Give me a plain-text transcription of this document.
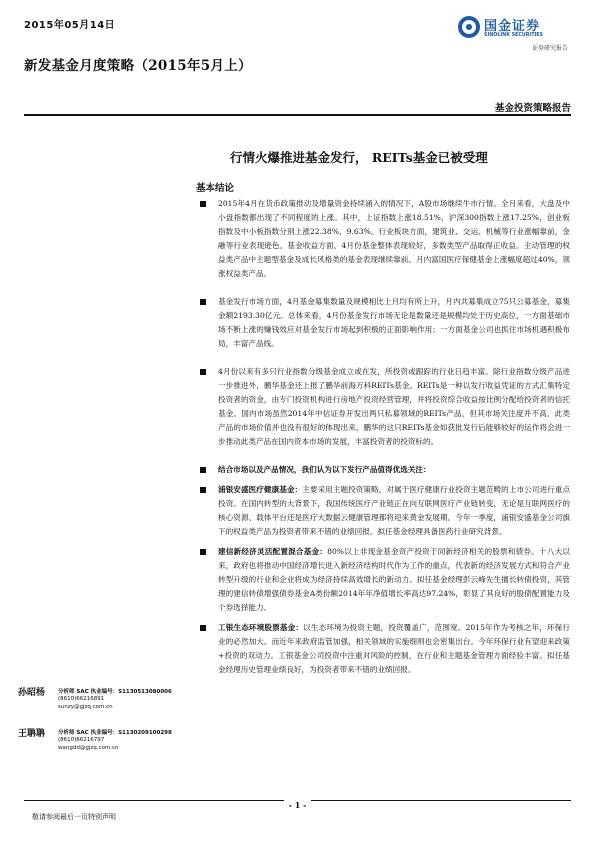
2015年05月14日	国金证券
SINOLINK SECURITIES
证券研究报告
新发基金月度策略（2015年5月上）
基金投资策略报告
行情火爆推进基金发行， REITs基金已被受理
基本结论
2015年4月在货币政策推动及增量资金持续涌入的情况下，A股市场继续牛市行情。全月来看，大盘及中小盘指数都出现了不同程度的上涨。其中，上证指数上涨18.51%，沪深300指数上涨17.25%，创业板指数及中小板指数分别上涨22.38%、9.63%。行业板块方面，建筑业、交运、机械等行业涨幅靠前，金融等行业表现逊色。基金收益方面，4月份基金整体表现较好，多数类型产品取得正收益。主动管理的权益类产品中主题型基金及成长风格类的基金表现继续靠前。月内富国医疗保健基金上涨幅度超过40%，领涨权益类产品。
基金发行市场方面，4月基金募集数量及规模相比上月均有所上升，月内共募集成立75只公募基金，募集金额2193.30亿元。总体来看，4月份基金发行市场无论是数量还是规模均处于历史高位，一方面基础市场不断上涨的赚钱效应对基金发行市场起到积极的正面影响作用；一方面基金公司也抓住市场机遇积极布局，丰富产品线。
4月份以来有多只行业指数分级基金成立或在发，所投资或跟踪的行业日趋丰富。除行业指数分级产品进一步推进外，鹏华基金还上报了鹏华前海万科REITs基金。REITs是一种以发行收益凭证的方式汇集特定投资者的资金，由专门投资机构进行房地产投资经营管理，并将投资综合收益按比例分配给投资者的信托基金。国内市场虽然2014年中信证券开发出两只私募领域的REITs产品，但其市场关注度并不高，此类产品的市场价值并也没有很好的体现出来。鹏华的这只REITs基金如获批发行后能够较好的运作将会进一步推动此类产品在国内资本市场的发展，丰富投资者的投资标的。
结合市场以及产品情况，我们认为以下发行产品值得优选关注：
浦银安盛医疗健康基金：主要采用主题投资策略，对属于医疗健康行业投资主题范畴的上市公司进行重点投资。在国内转型的大背景下，我国传统医疗产业链正在向互联网医疗产业链转变，无论是互联网医疗的核心资源、载体平台还是医疗大数据云健康管理都将迎来黄金发展期。今年一季度，浦银安盛基金公司旗下的权益类产品为投资者带来不错的业绩回报。拟任基金经理具备医药行业研究背景。
建信新经济灵活配置混合基金：80%以上非现金基金资产投资于同新经济相关的股票和债券。十八大以来，政府也将推动中国经济增长进入新经济结构时代作为工作的重点，代表新的经济发展方式和符合产业转型升级的行业和企业将成为经济持续高效增长的新动力。拟任基金经理彭云峰先生擅长转债投资，其管理的建信转债增强债券基金A类份额2014年年净值增长率高达97.24%，彰显了其良好的股债配置能力及个券选择能力。
工银生态环境股票基金：以生态环境为投资主题，投资覆盖广，范围宽。2015年作为考核之年，环保行业的必然加大。而近年来政府监管加强，相关领域的实施细则也会密集出台。今年环保行业有望迎来政策+投资的双动力。工银基金公司投资中注重对风险的控制，在行业和主题基金管理方面经验丰富。拟任基金经理历史管理业绩良好，为投资者带来不错的业绩回报。
孙昭杨 分析师 SAC 执业编号：S1130513080006
(8610)66216891
sunzy@gjzq.com.cn
王聃聃 分析师 SAC 执业编号：S1130209100298
(8610)66216797
wangdd@gjzq.com.cn
- 1 -
敬请参阅最后一页特别声明
